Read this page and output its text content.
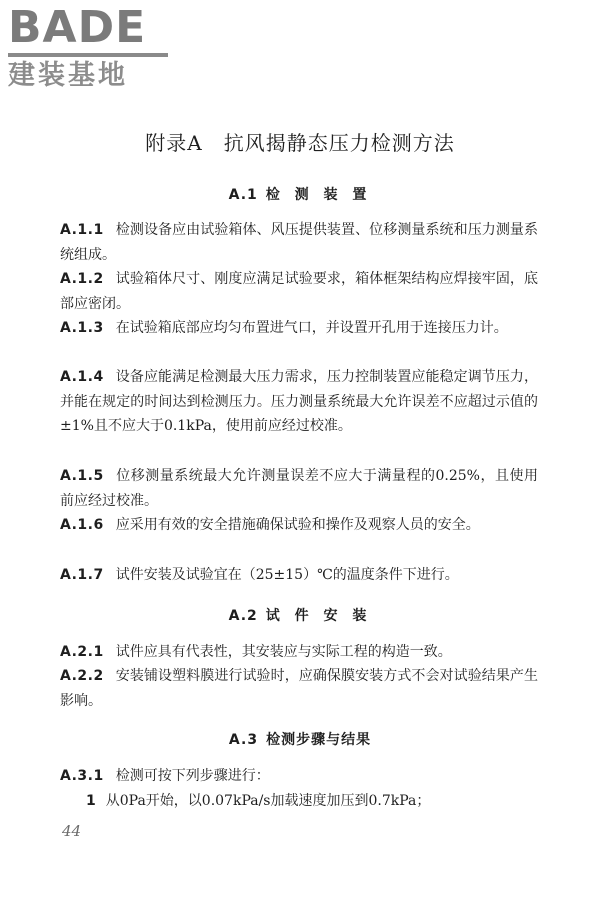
BADE
建装基地
附录A　抗风揭静态压力检测方法
A.1 检 测 装 置
A.1.1 检测设备应由试验箱体、风压提供装置、位移测量系统和压力测量系统组成。
A.1.2 试验箱体尺寸、刚度应满足试验要求，箱体框架结构应焊接牢固，底部应密闭。
A.1.3 在试验箱底部应均匀布置进气口，并设置开孔用于连接压力计。
A.1.4 设备应能满足检测最大压力需求，压力控制装置应能稳定调节压力，并能在规定的时间达到检测压力。压力测量系统最大允许误差不应超过示值的±1%且不应大于0.1kPa，使用前应经过校准。
A.1.5 位移测量系统最大允许测量误差不应大于满量程的0.25%，且使用前应经过校准。
A.1.6 应采用有效的安全措施确保试验和操作及观察人员的安全。
A.1.7 试件安装及试验宜在（25±15）℃的温度条件下进行。
A.2 试 件 安 装
A.2.1 试件应具有代表性，其安装应与实际工程的构造一致。
A.2.2 安装铺设塑料膜进行试验时，应确保膜安装方式不会对试验结果产生影响。
A.3 检测步骤与结果
A.3.1 检测可按下列步骤进行：
1 从0Pa开始，以0.07kPa/s加载速度加压到0.7kPa；
44
